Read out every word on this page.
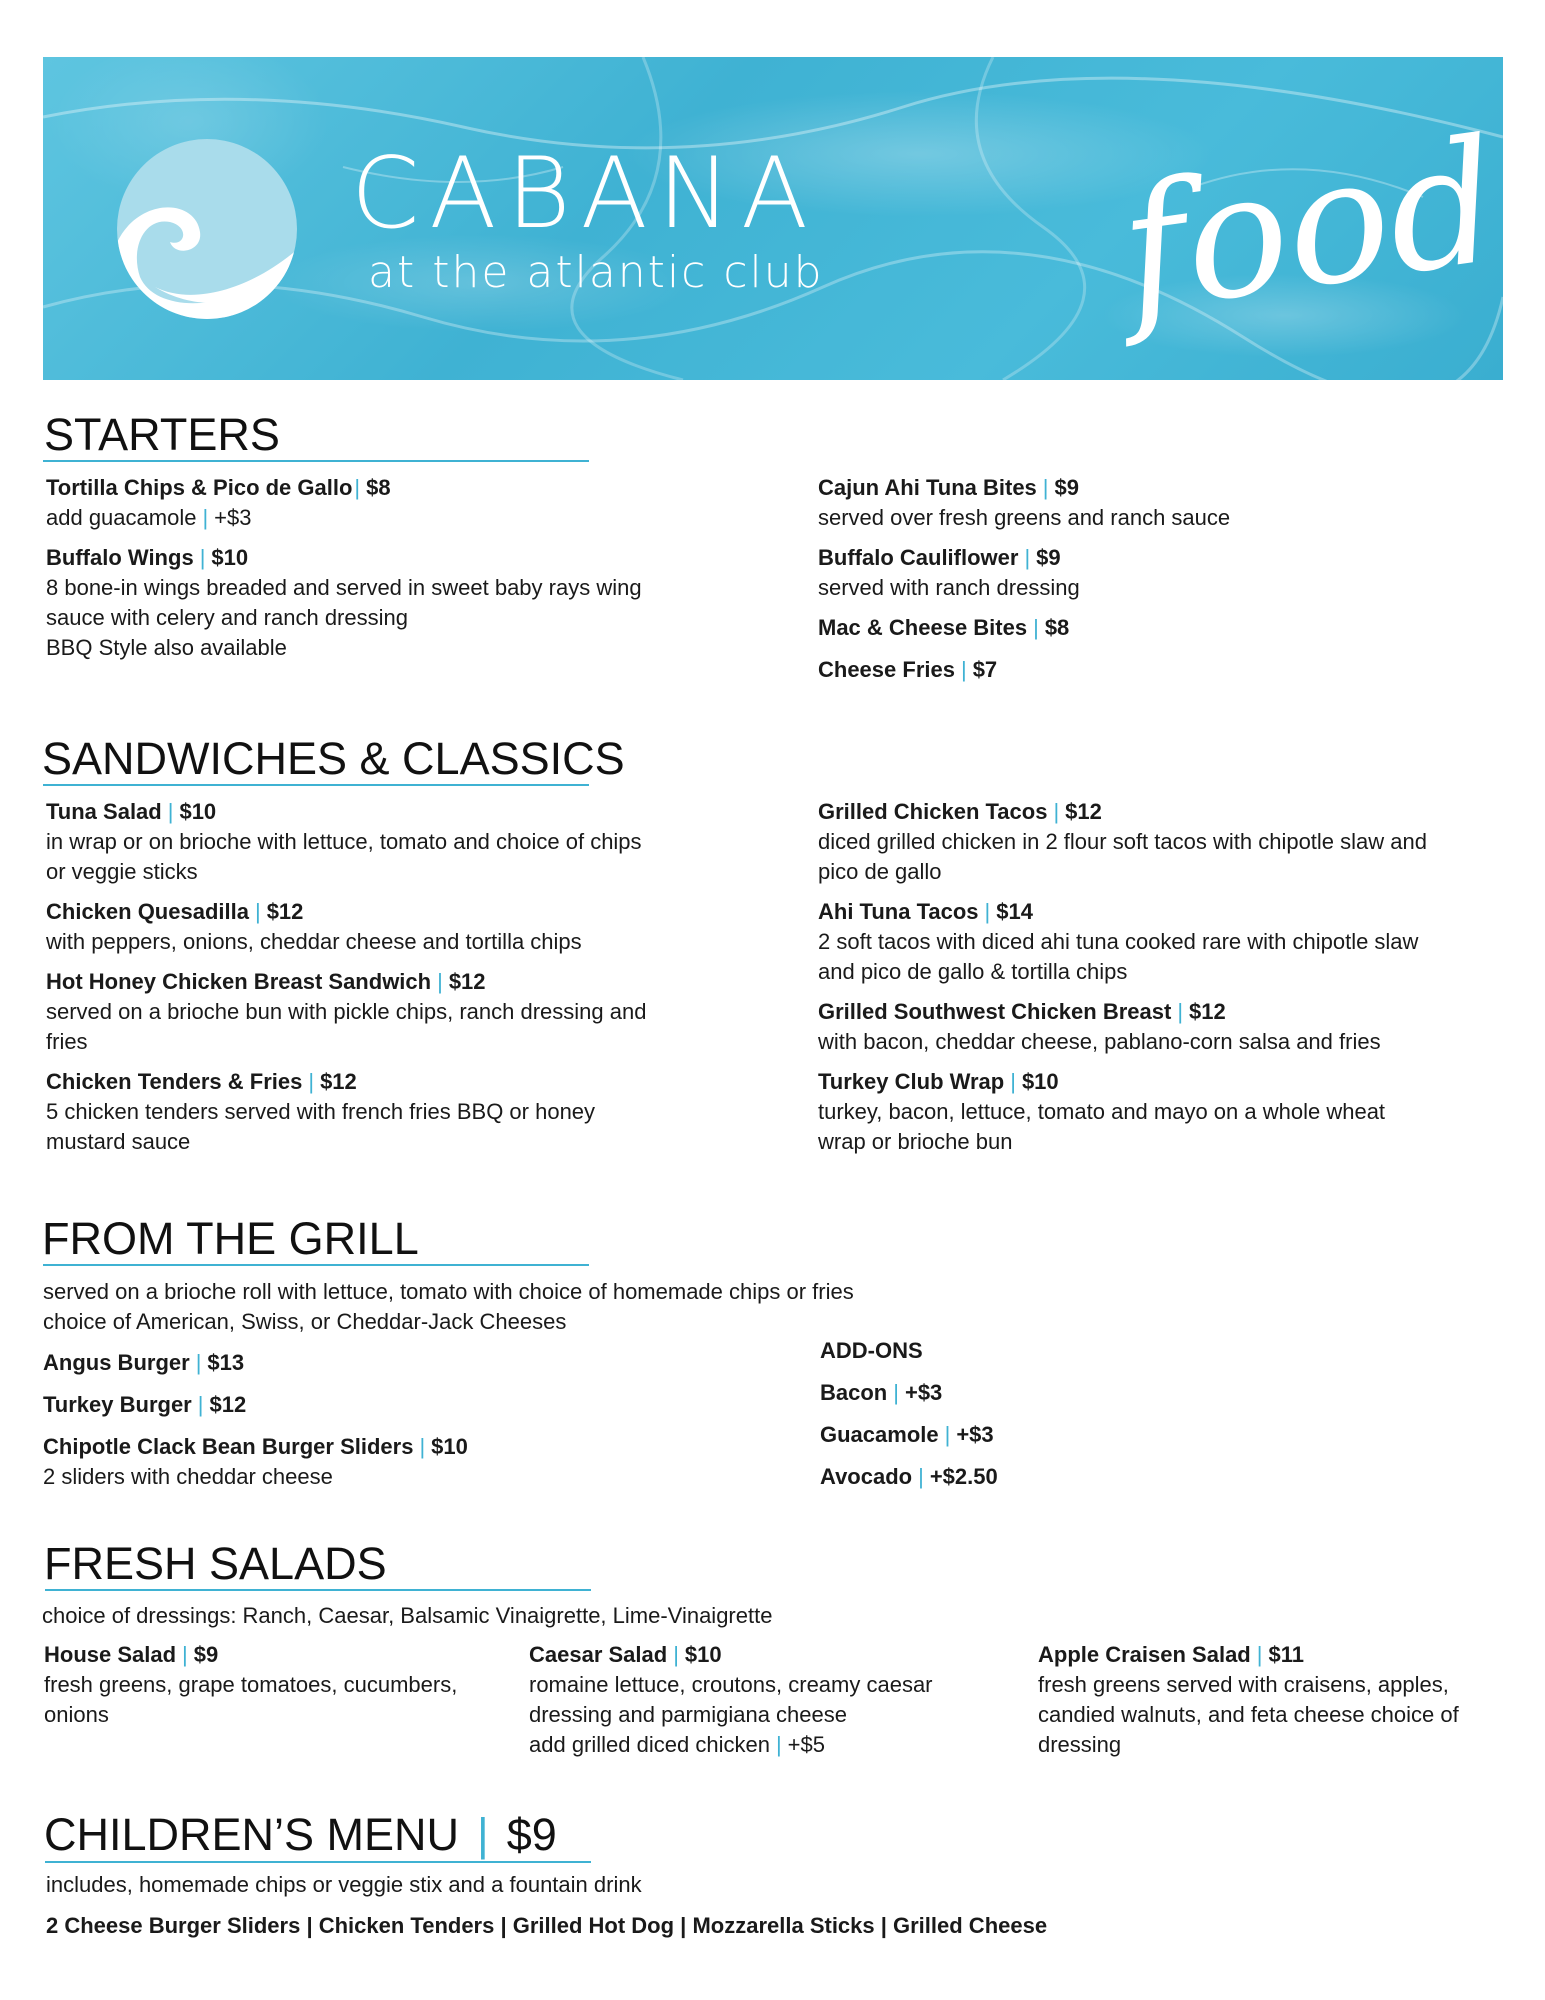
CABANA
at the atlantic club food
STARTERS
Tortilla Chips & Pico de Gallo| $8
add guacamole | +$3
Buffalo Wings | $10
8 bone-in wings breaded and served in sweet baby rays wing
sauce with celery and ranch dressing
BBQ Style also available
Cajun Ahi Tuna Bites | $9
served over fresh greens and ranch sauce
Buffalo Cauliflower | $9
served with ranch dressing
Mac & Cheese Bites | $8
Cheese Fries | $7
SANDWICHES & CLASSICS
Tuna Salad | $10
in wrap or on brioche with lettuce, tomato and choice of chips
or veggie sticks
Chicken Quesadilla | $12
with peppers, onions, cheddar cheese and tortilla chips
Hot Honey Chicken Breast Sandwich | $12
served on a brioche bun with pickle chips, ranch dressing and
fries
Chicken Tenders & Fries | $12
5 chicken tenders served with french fries BBQ or honey
mustard sauce
Grilled Chicken Tacos | $12
diced grilled chicken in 2 flour soft tacos with chipotle slaw and
pico de gallo
Ahi Tuna Tacos | $14
2 soft tacos with diced ahi tuna cooked rare with chipotle slaw
and pico de gallo & tortilla chips
Grilled Southwest Chicken Breast | $12
with bacon, cheddar cheese, pablano-corn salsa and fries
Turkey Club Wrap | $10
turkey, bacon, lettuce, tomato and mayo on a whole wheat
wrap or brioche bun
FROM THE GRILL
served on a brioche roll with lettuce, tomato with choice of homemade chips or fries
choice of American, Swiss, or Cheddar-Jack Cheeses
Angus Burger | $13
Turkey Burger | $12
Chipotle Clack Bean Burger Sliders | $10
2 sliders with cheddar cheese
ADD-ONS
Bacon | +$3
Guacamole | +$3
Avocado | +$2.50
FRESH SALADS
choice of dressings: Ranch, Caesar, Balsamic Vinaigrette, Lime-Vinaigrette
House Salad | $9
fresh greens, grape tomatoes, cucumbers,
onions
Caesar Salad | $10
romaine lettuce, croutons, creamy caesar
dressing and parmigiana cheese
add grilled diced chicken | +$5
Apple Craisen Salad | $11
fresh greens served with craisens, apples,
candied walnuts, and feta cheese choice of
dressing
CHILDREN’S MENU | $9
includes, homemade chips or veggie stix and a fountain drink
2 Cheese Burger Sliders | Chicken Tenders | Grilled Hot Dog | Mozzarella Sticks | Grilled Cheese
